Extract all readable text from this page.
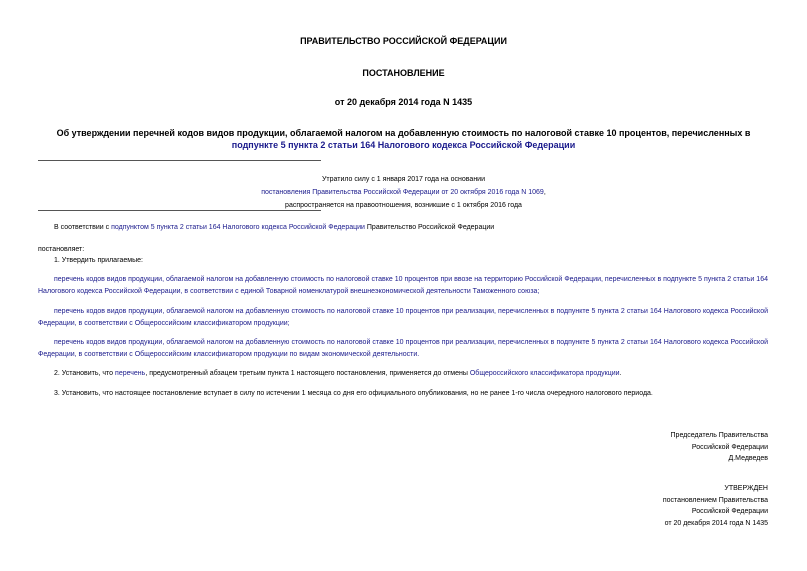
ПРАВИТЕЛЬСТВО РОССИЙСКОЙ ФЕДЕРАЦИИ
ПОСТАНОВЛЕНИЕ
от 20 декабря 2014 года N 1435
Об утверждении перечней кодов видов продукции, облагаемой налогом на добавленную стоимость по налоговой ставке 10 процентов, перечисленных в
подпункте 5 пункта 2 статьи 164 Налогового кодекса Российской Федерации
Утратило силу с 1 января 2017 года на основании
постановления Правительства Российской Федерации от 20 октября 2016 года N 1069,
распространяется на правоотношения, возникшие с 1 октября 2016 года
В соответствии с подпунктом 5 пункта 2 статьи 164 Налогового кодекса Российской Федерации Правительство Российской Федерации
постановляет:
1. Утвердить прилагаемые:
перечень кодов видов продукции, облагаемой налогом на добавленную стоимость по налоговой ставке 10 процентов при ввозе на территорию Российской Федерации, перечисленных в подпункте 5 пункта 2 статьи 164 Налогового кодекса Российской Федерации, в соответствии с единой Товарной номенклатурой внешнеэкономической деятельности Таможенного союза;
перечень кодов видов продукции, облагаемой налогом на добавленную стоимость по налоговой ставке 10 процентов при реализации, перечисленных в подпункте 5 пункта 2 статьи 164 Налогового кодекса Российской Федерации, в соответствии с Общероссийским классификатором продукции;
перечень кодов видов продукции, облагаемой налогом на добавленную стоимость по налоговой ставке 10 процентов при реализации, перечисленных в подпункте 5 пункта 2 статьи 164 Налогового кодекса Российской Федерации, в соответствии с Общероссийским классификатором продукции по видам экономической деятельности.
2. Установить, что перечень, предусмотренный абзацем третьим пункта 1 настоящего постановления, применяется до отмены Общероссийского классификатора продукции.
3. Установить, что настоящее постановление вступает в силу по истечении 1 месяца со дня его официального опубликования, но не ранее 1-го числа очередного налогового периода.
Председатель Правительства
Российской Федерации
Д.Медведев
УТВЕРЖДЕН
постановлением Правительства
Российской Федерации
от 20 декабря 2014 года N 1435
